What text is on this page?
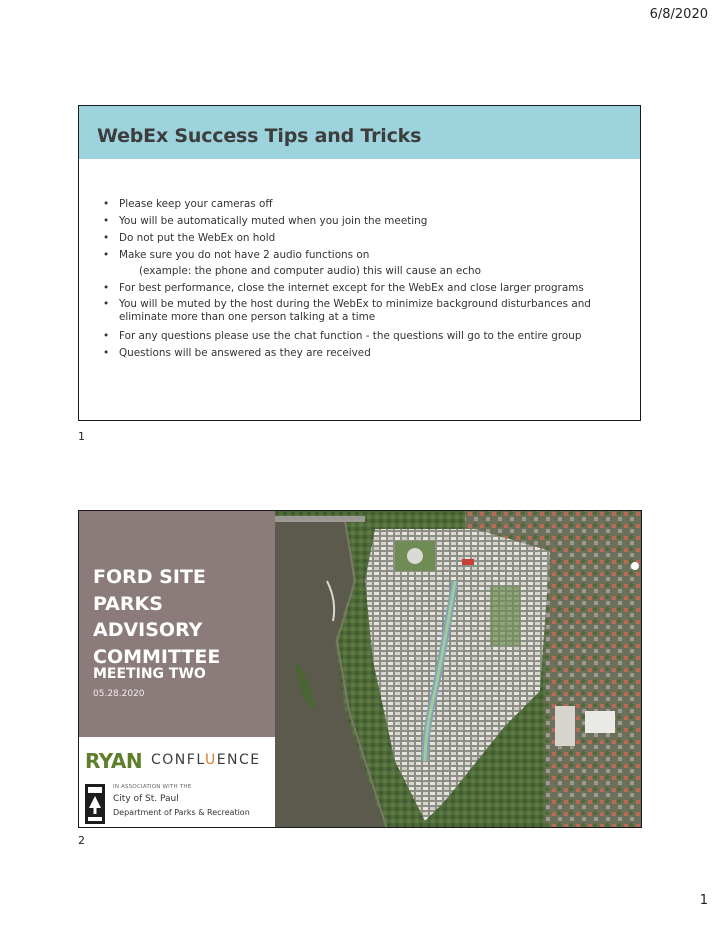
6/8/2020
WebEx Success Tips and Tricks
• Please keep your cameras off
• You will be automatically muted when you join the meeting
• Do not put the WebEx on hold
• Make sure you do not have 2 audio functions on
(example: the phone and computer audio) this will cause an echo
• For best performance, close the internet except for the WebEx and close larger programs
• You will be muted by the host during the WebEx to minimize background disturbances and eliminate more than one person talking at a time
• For any questions please use the chat function - the questions will go to the entire group
• Questions will be answered as they are received
1
FORD SITE
PARKS
ADVISORY
COMMITTEE
MEETING TWO
05.28.2020
RYAN CONFLUENCE
IN ASSOCIATION WITH THE
City of St. Paul
Department of Parks & Recreation
2
1
